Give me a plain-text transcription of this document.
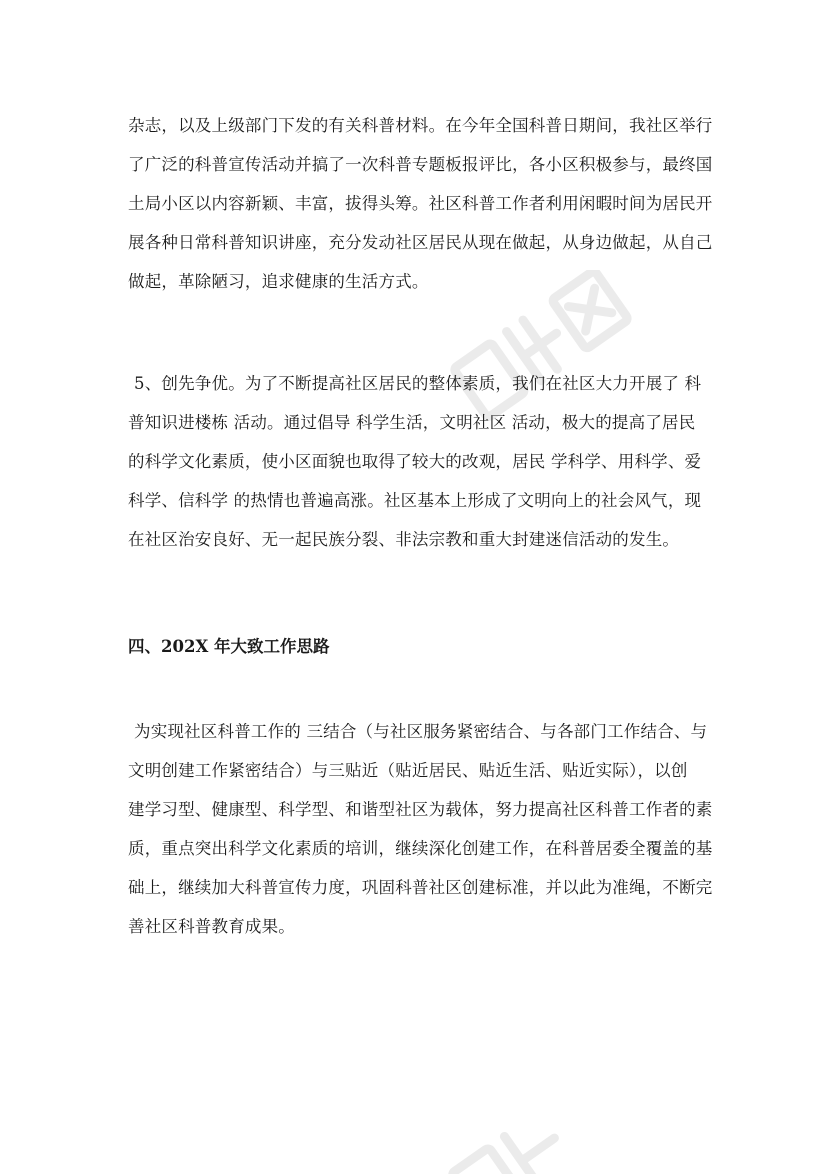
杂志，以及上级部门下发的有关科普材料。在今年全国科普日期间，我社区举行
了广泛的科普宣传活动并搞了一次科普专题板报评比，各小区积极参与，最终国
土局小区以内容新颖、丰富，拔得头筹。社区科普工作者利用闲暇时间为居民开
展各种日常科普知识讲座，充分发动社区居民从现在做起，从身边做起，从自己
做起，革除陋习，追求健康的生活方式。

5、创先争优。为了不断提高社区居民的整体素质，我们在社区大力开展了 科
普知识进楼栋 活动。通过倡导 科学生活，文明社区 活动，极大的提高了居民
的科学文化素质，使小区面貌也取得了较大的改观，居民 学科学、用科学、爱
科学、信科学 的热情也普遍高涨。社区基本上形成了文明向上的社会风气，现
在社区治安良好、无一起民族分裂、非法宗教和重大封建迷信活动的发生。

四、202X 年大致工作思路

为实现社区科普工作的 三结合（与社区服务紧密结合、与各部门工作结合、与
文明创建工作紧密结合）与三贴近（贴近居民、贴近生活、贴近实际），以创
建学习型、健康型、科学型、和谐型社区为载体，努力提高社区科普工作者的素
质，重点突出科学文化素质的培训，继续深化创建工作，在科普居委全覆盖的基
础上，继续加大科普宣传力度，巩固科普社区创建标准，并以此为准绳，不断完
善社区科普教育成果。
